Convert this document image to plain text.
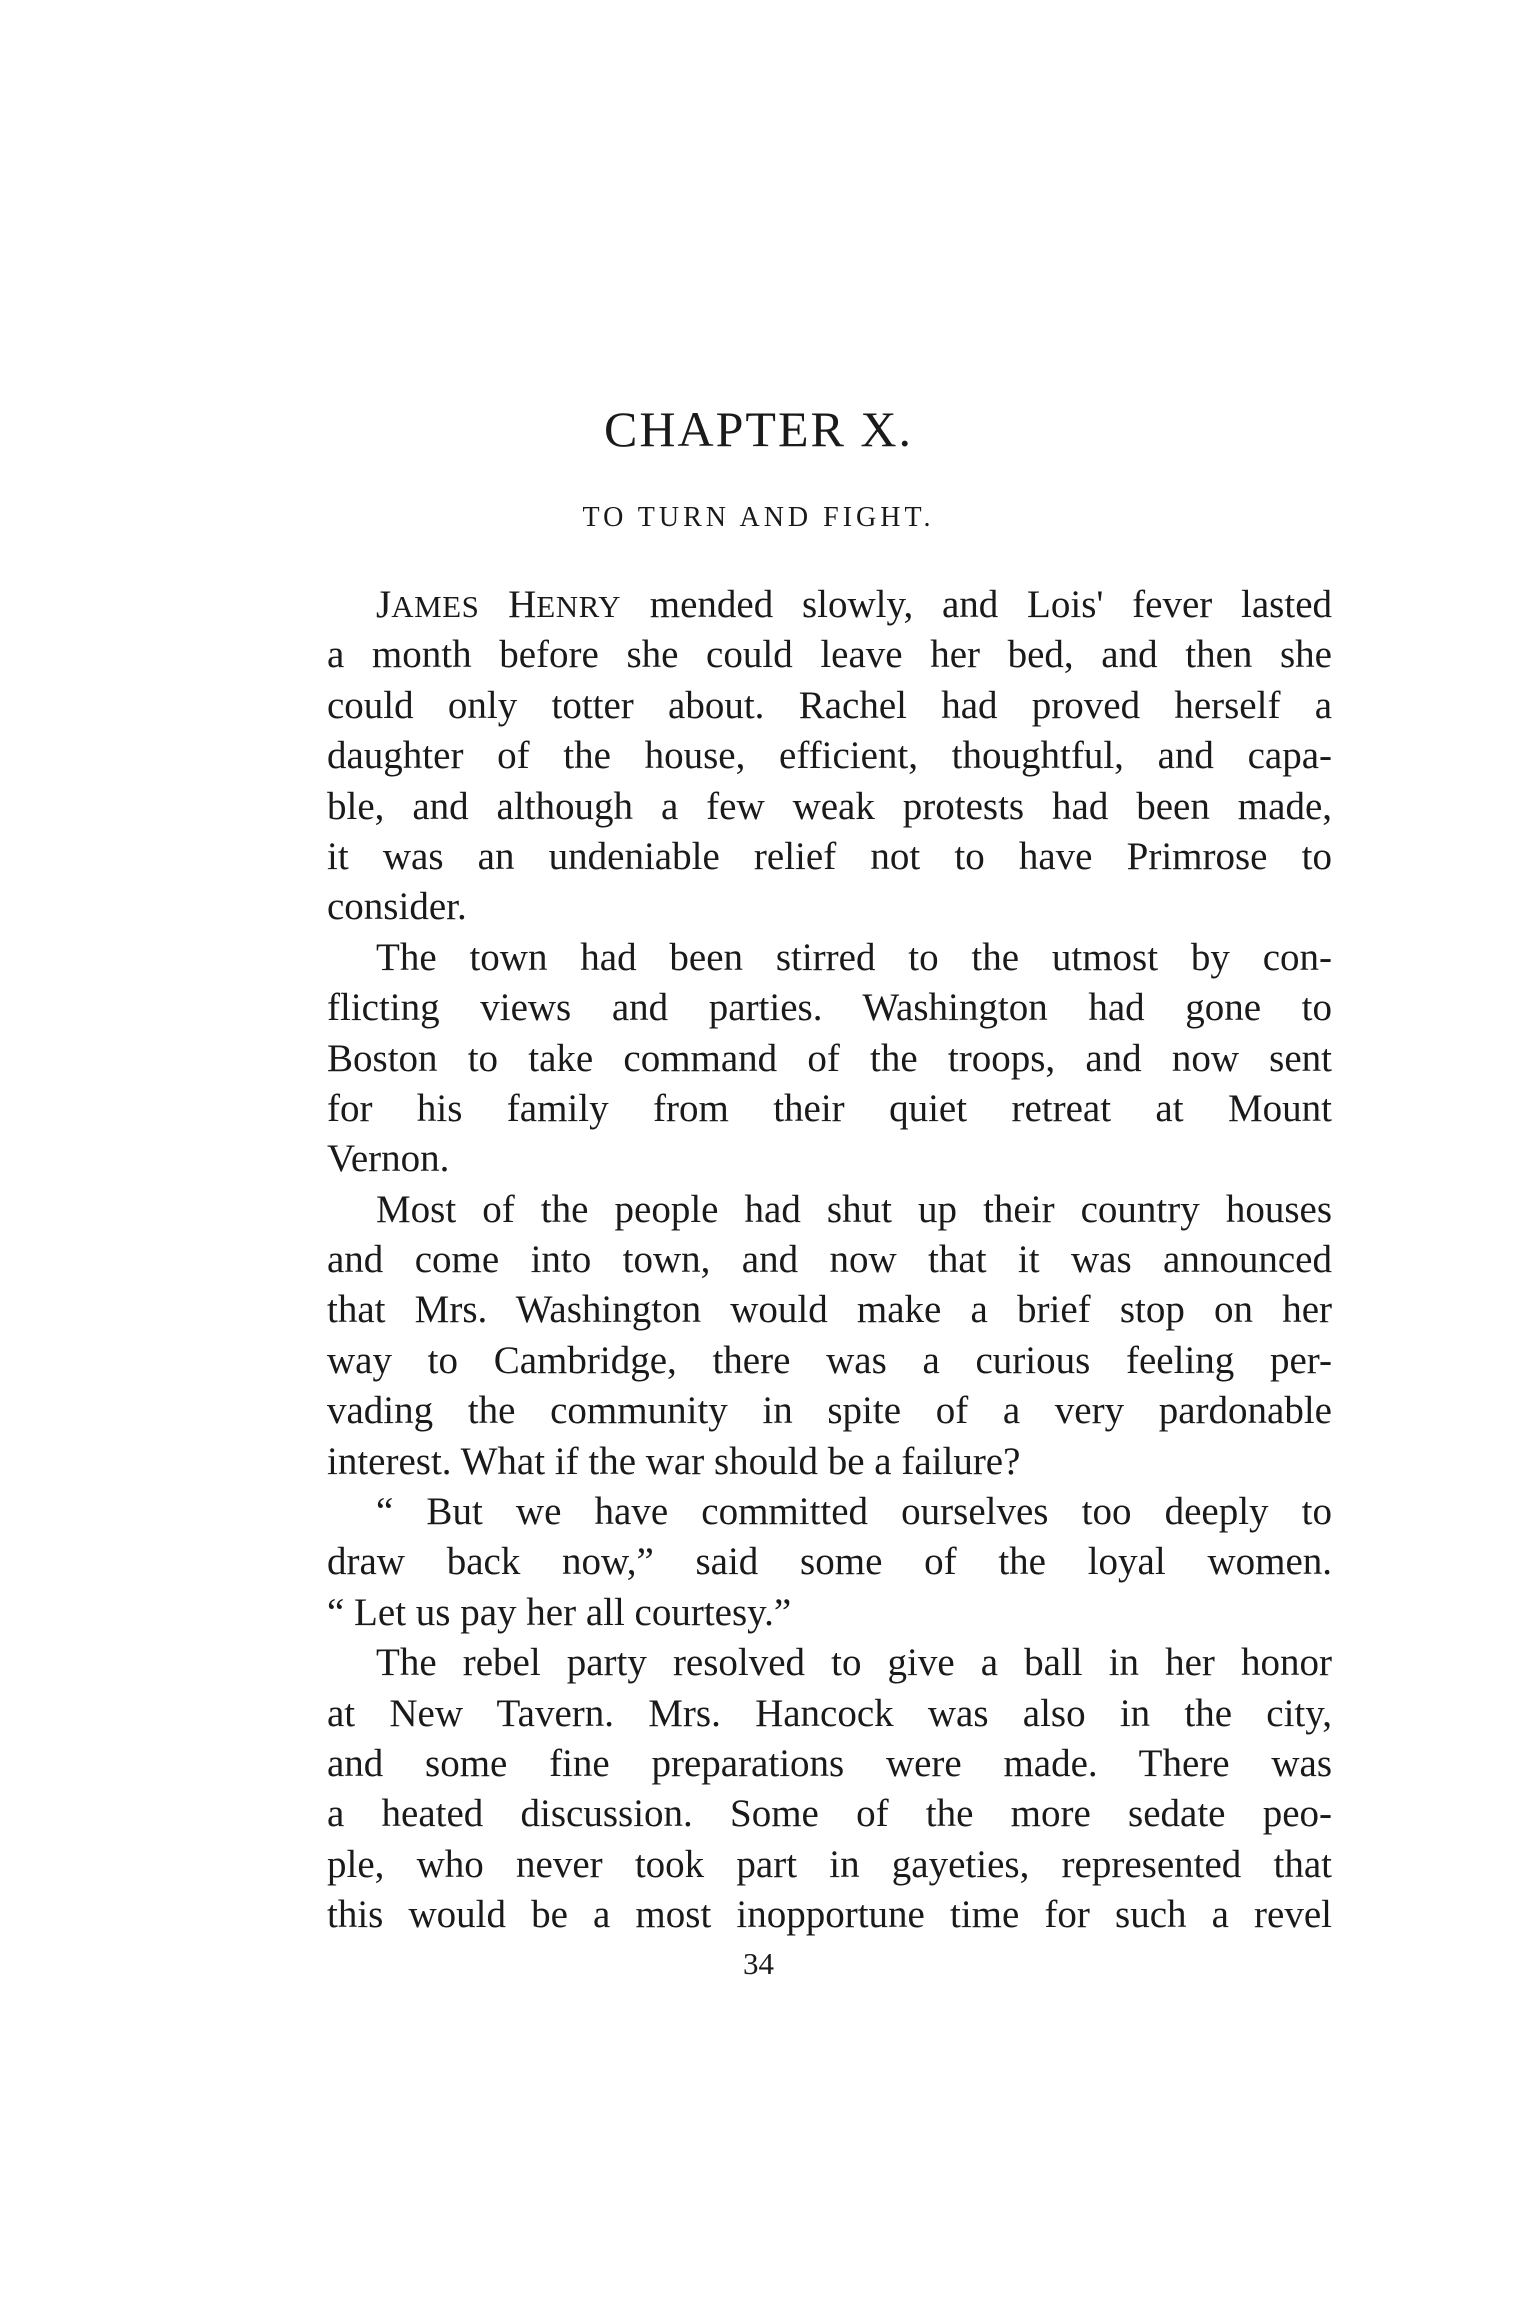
CHAPTER X.
TO TURN AND FIGHT.
JAMES HENRY mended slowly, and Lois' fever lasted
a month before she could leave her bed, and then she
could only totter about. Rachel had proved herself a
daughter of the house, efficient, thoughtful, and capa-
ble, and although a few weak protests had been made,
it was an undeniable relief not to have Primrose to
consider.
The town had been stirred to the utmost by con-
flicting views and parties. Washington had gone to
Boston to take command of the troops, and now sent
for his family from their quiet retreat at Mount
Vernon.
Most of the people had shut up their country houses
and come into town, and now that it was announced
that Mrs. Washington would make a brief stop on her
way to Cambridge, there was a curious feeling per-
vading the community in spite of a very pardonable
interest. What if the war should be a failure?
“ But we have committed ourselves too deeply to
draw back now,” said some of the loyal women.
“ Let us pay her all courtesy.”
The rebel party resolved to give a ball in her honor
at New Tavern. Mrs. Hancock was also in the city,
and some fine preparations were made. There was
a heated discussion. Some of the more sedate peo-
ple, who never took part in gayeties, represented that
this would be a most inopportune time for such a revel
34
